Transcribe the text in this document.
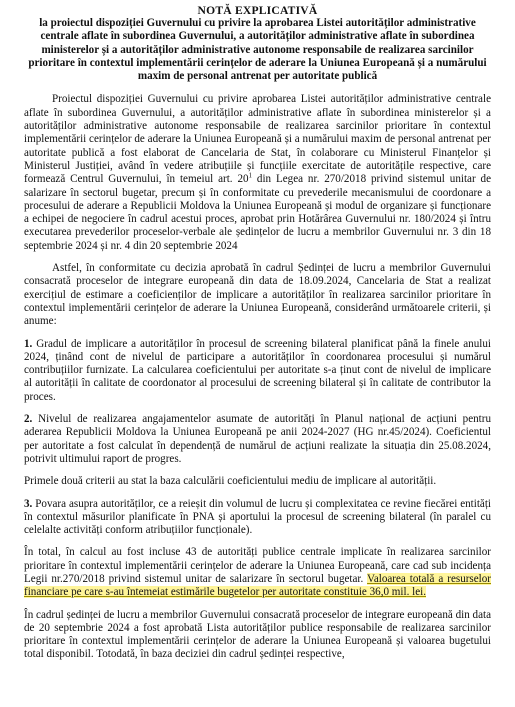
NOTĂ EXPLICATIVĂ
la proiectul dispoziției Guvernului cu privire la aprobarea Listei autorităților administrative centrale aflate în subordinea Guvernului, a autorităților administrative aflate în subordinea ministerelor și a autorităților administrative autonome responsabile de realizarea sarcinilor prioritare în contextul implementării cerințelor de aderare la Uniunea Europeană și a numărului maxim de personal antrenat per autoritate publică

Proiectul dispoziției Guvernului cu privire aprobarea Listei autorităților administrative centrale aflate în subordinea Guvernului, a autorităților administrative aflate în subordinea ministerelor și a autorităților administrative autonome responsabile de realizarea sarcinilor prioritare în contextul implementării cerințelor de aderare la Uniunea Europeană și a numărului maxim de personal antrenat per autoritate publică a fost elaborat de Cancelaria de Stat, în colaborare cu Ministerul Finanțelor și Ministerul Justiției, având în vedere atribuțiile și funcțiile exercitate de autoritățile respective, care formează Centrul Guvernului, în temeiul art. $20^1$ din Legea nr. 270/2018 privind sistemul unitar de salarizare în sectorul bugetar, precum și în conformitate cu prevederile mecanismului de coordonare a procesului de aderare a Republicii Moldova la Uniunea Europeană și modul de organizare și funcționare a echipei de negociere în cadrul acestui proces, aprobat prin Hotărârea Guvernului nr. 180/2024 și întru executarea prevederilor proceselor-verbale ale ședințelor de lucru a membrilor Guvernului nr. 3 din 18 septembrie 2024 și nr. 4 din 20 septembrie 2024

Astfel, în conformitate cu decizia aprobată în cadrul Ședinței de lucru a membrilor Guvernului consacrată proceselor de integrare europeană din data de 18.09.2024, Cancelaria de Stat a realizat exercițiul de estimare a coeficienților de implicare a autorităților în realizarea sarcinilor prioritare în contextul implementării cerințelor de aderare la Uniunea Europeană, considerând următoarele criterii, și anume:

1. Gradul de implicare a autorităților în procesul de screening bilateral planificat până la finele anului 2024, ținând cont de nivelul de participare a autorităților în coordonarea procesului și numărul contribuțiilor furnizate. La calcularea coeficientului per autoritate s-a ținut cont de nivelul de implicare al autorității în calitate de coordonator al procesului de screening bilateral și în calitate de contributor la proces.

2. Nivelul de realizarea angajamentelor asumate de autorități în Planul național de acțiuni pentru aderarea Republicii Moldova la Uniunea Europeană pe anii 2024-2027 (HG nr.45/2024). Coeficientul per autoritate a fost calculat în dependență de numărul de acțiuni realizate la situația din 25.08.2024, potrivit ultimului raport de progres.

Primele două criterii au stat la baza calculării coeficientului mediu de implicare al autorității.

3. Povara asupra autorităților, ce a reieșit din volumul de lucru și complexitatea ce revine fiecărei entități în contextul măsurilor planificate în PNA și aportului la procesul de screening bilateral (în paralel cu celelalte activități conform atribuțiilor funcționale).

În total, în calcul au fost incluse 43 de autorități publice centrale implicate în realizarea sarcinilor prioritare în contextul implementării cerințelor de aderare la Uniunea Europeană, care cad sub incidența Legii nr.270/2018 privind sistemul unitar de salarizare în sectorul bugetar. Valoarea totală a resurselor financiare pe care s-au întemeiat estimările bugetelor per autoritate constituie 36,0 mil. lei.

În cadrul ședinței de lucru a membrilor Guvernului consacrată proceselor de integrare europeană din data de 20 septembrie 2024 a fost aprobată Lista autorităților publice responsabile de realizarea sarcinilor prioritare în contextul implementării cerințelor de aderare la Uniunea Europeană și valoarea bugetului total disponibil. Totodată, în baza deciziei din cadrul ședinței respective,
